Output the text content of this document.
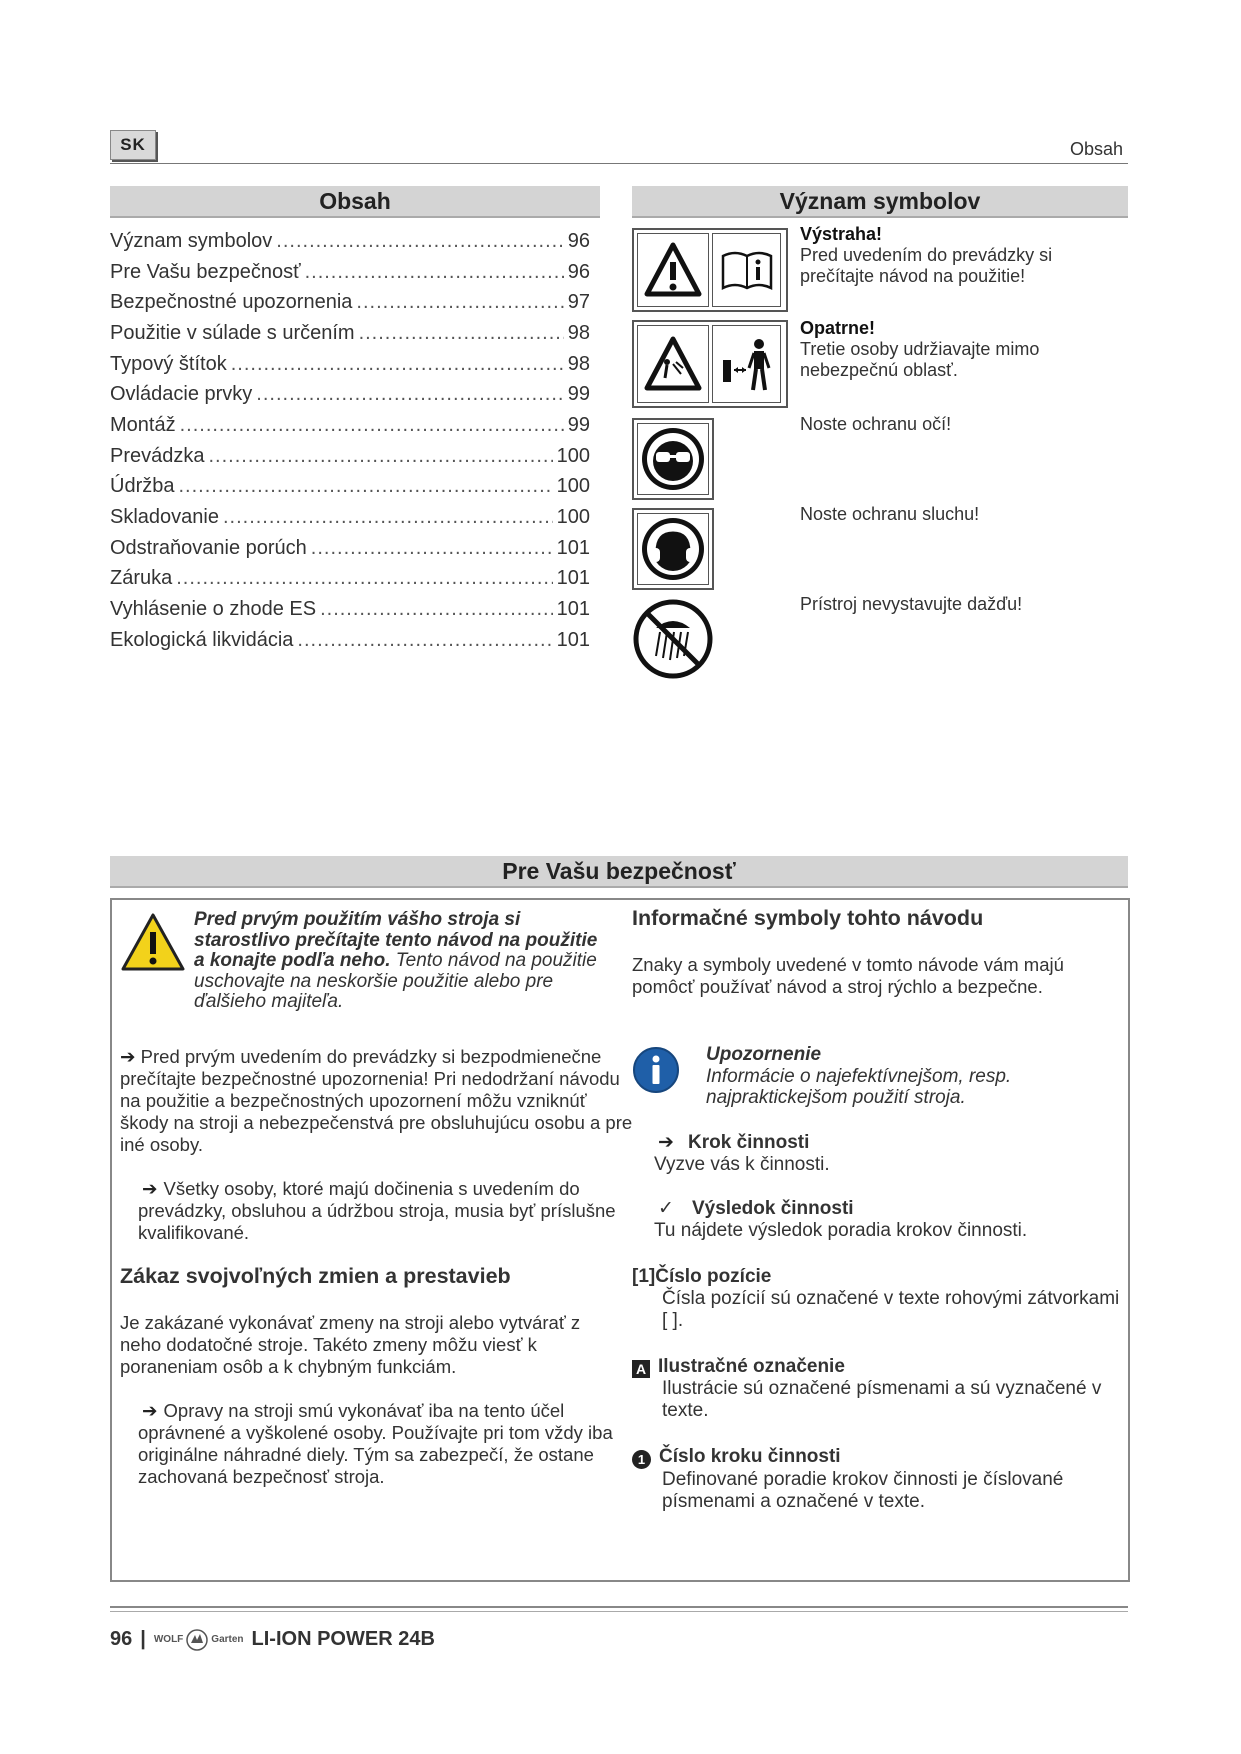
SK	Obsah
Obsah
Význam symbolov .....	96
Pre Vašu bezpečnosť .....	96
Bezpečnostné upozornenia .....	97
Použitie v súlade s určením .....	98
Typový štítok .....	98
Ovládacie prvky .....	99
Montáž .....	99
Prevádzka .....	100
Údržba .....	100
Skladovanie .....	100
Odstraňovanie porúch .....	101
Záruka .....	101
Vyhlásenie o zhode ES .....	101
Ekologická likvidácia .....	101
Význam symbolov
Výstraha!
Pred uvedením do prevádzky si prečítajte návod na použitie!
Opatrne!
Tretie osoby udržiavajte mimo nebezpečnú oblasť.
Noste ochranu očí!
Noste ochranu sluchu!
Prístroj nevystavujte dažďu!
Pre Vašu bezpečnosť
Pred prvým použitím vášho stroja si starostlivo prečítajte tento návod na použitie a konajte podľa neho. Tento návod na použitie uschovajte na neskoršie použitie alebo pre ďalšieho majiteľa.
➔ Pred prvým uvedením do prevádzky si bezpodmienečne prečítajte bezpečnostné upozornenia! Pri nedodržaní návodu na použitie a bezpečnostných upozornení môžu vzniknúť škody na stroji a nebezpečenstvá pre obsluhujúcu osobu a pre iné osoby.
➔ Všetky osoby, ktoré majú dočinenia s uvedením do prevádzky, obsluhou a údržbou stroja, musia byť príslušne kvalifikované.
Zákaz svojvoľných zmien a prestavieb
Je zakázané vykonávať zmeny na stroji alebo vytvárať z neho dodatočné stroje. Takéto zmeny môžu viesť k poraneniam osôb a k chybným funkciám.
➔ Opravy na stroji smú vykonávať iba na tento účel oprávnené a vyškolené osoby. Používajte pri tom vždy iba originálne náhradné diely. Tým sa zabezpečí, že ostane zachovaná bezpečnosť stroja.
Informačné symboly tohto návodu
Znaky a symboly uvedené v tomto návode vám majú pomôcť používať návod a stroj rýchlo a bezpečne.
Upozornenie
Informácie o najefektívnejšom, resp. najpraktickejšom použití stroja.
➔ Krok činnosti
Vyzve vás k činnosti.
✓ Výsledok činnosti
Tu nájdete výsledok poradia krokov činnosti.
[1]Číslo pozície
Čísla pozícií sú označené v texte rohovými zátvorkami [ ].
A Ilustračné označenie
Ilustrácie sú označené písmenami a sú vyznačené v texte.
1 Číslo kroku činnosti
Definované poradie krokov činnosti je číslované písmenami a označené v texte.
96 | WOLF	Garten LI-ION POWER 24B
